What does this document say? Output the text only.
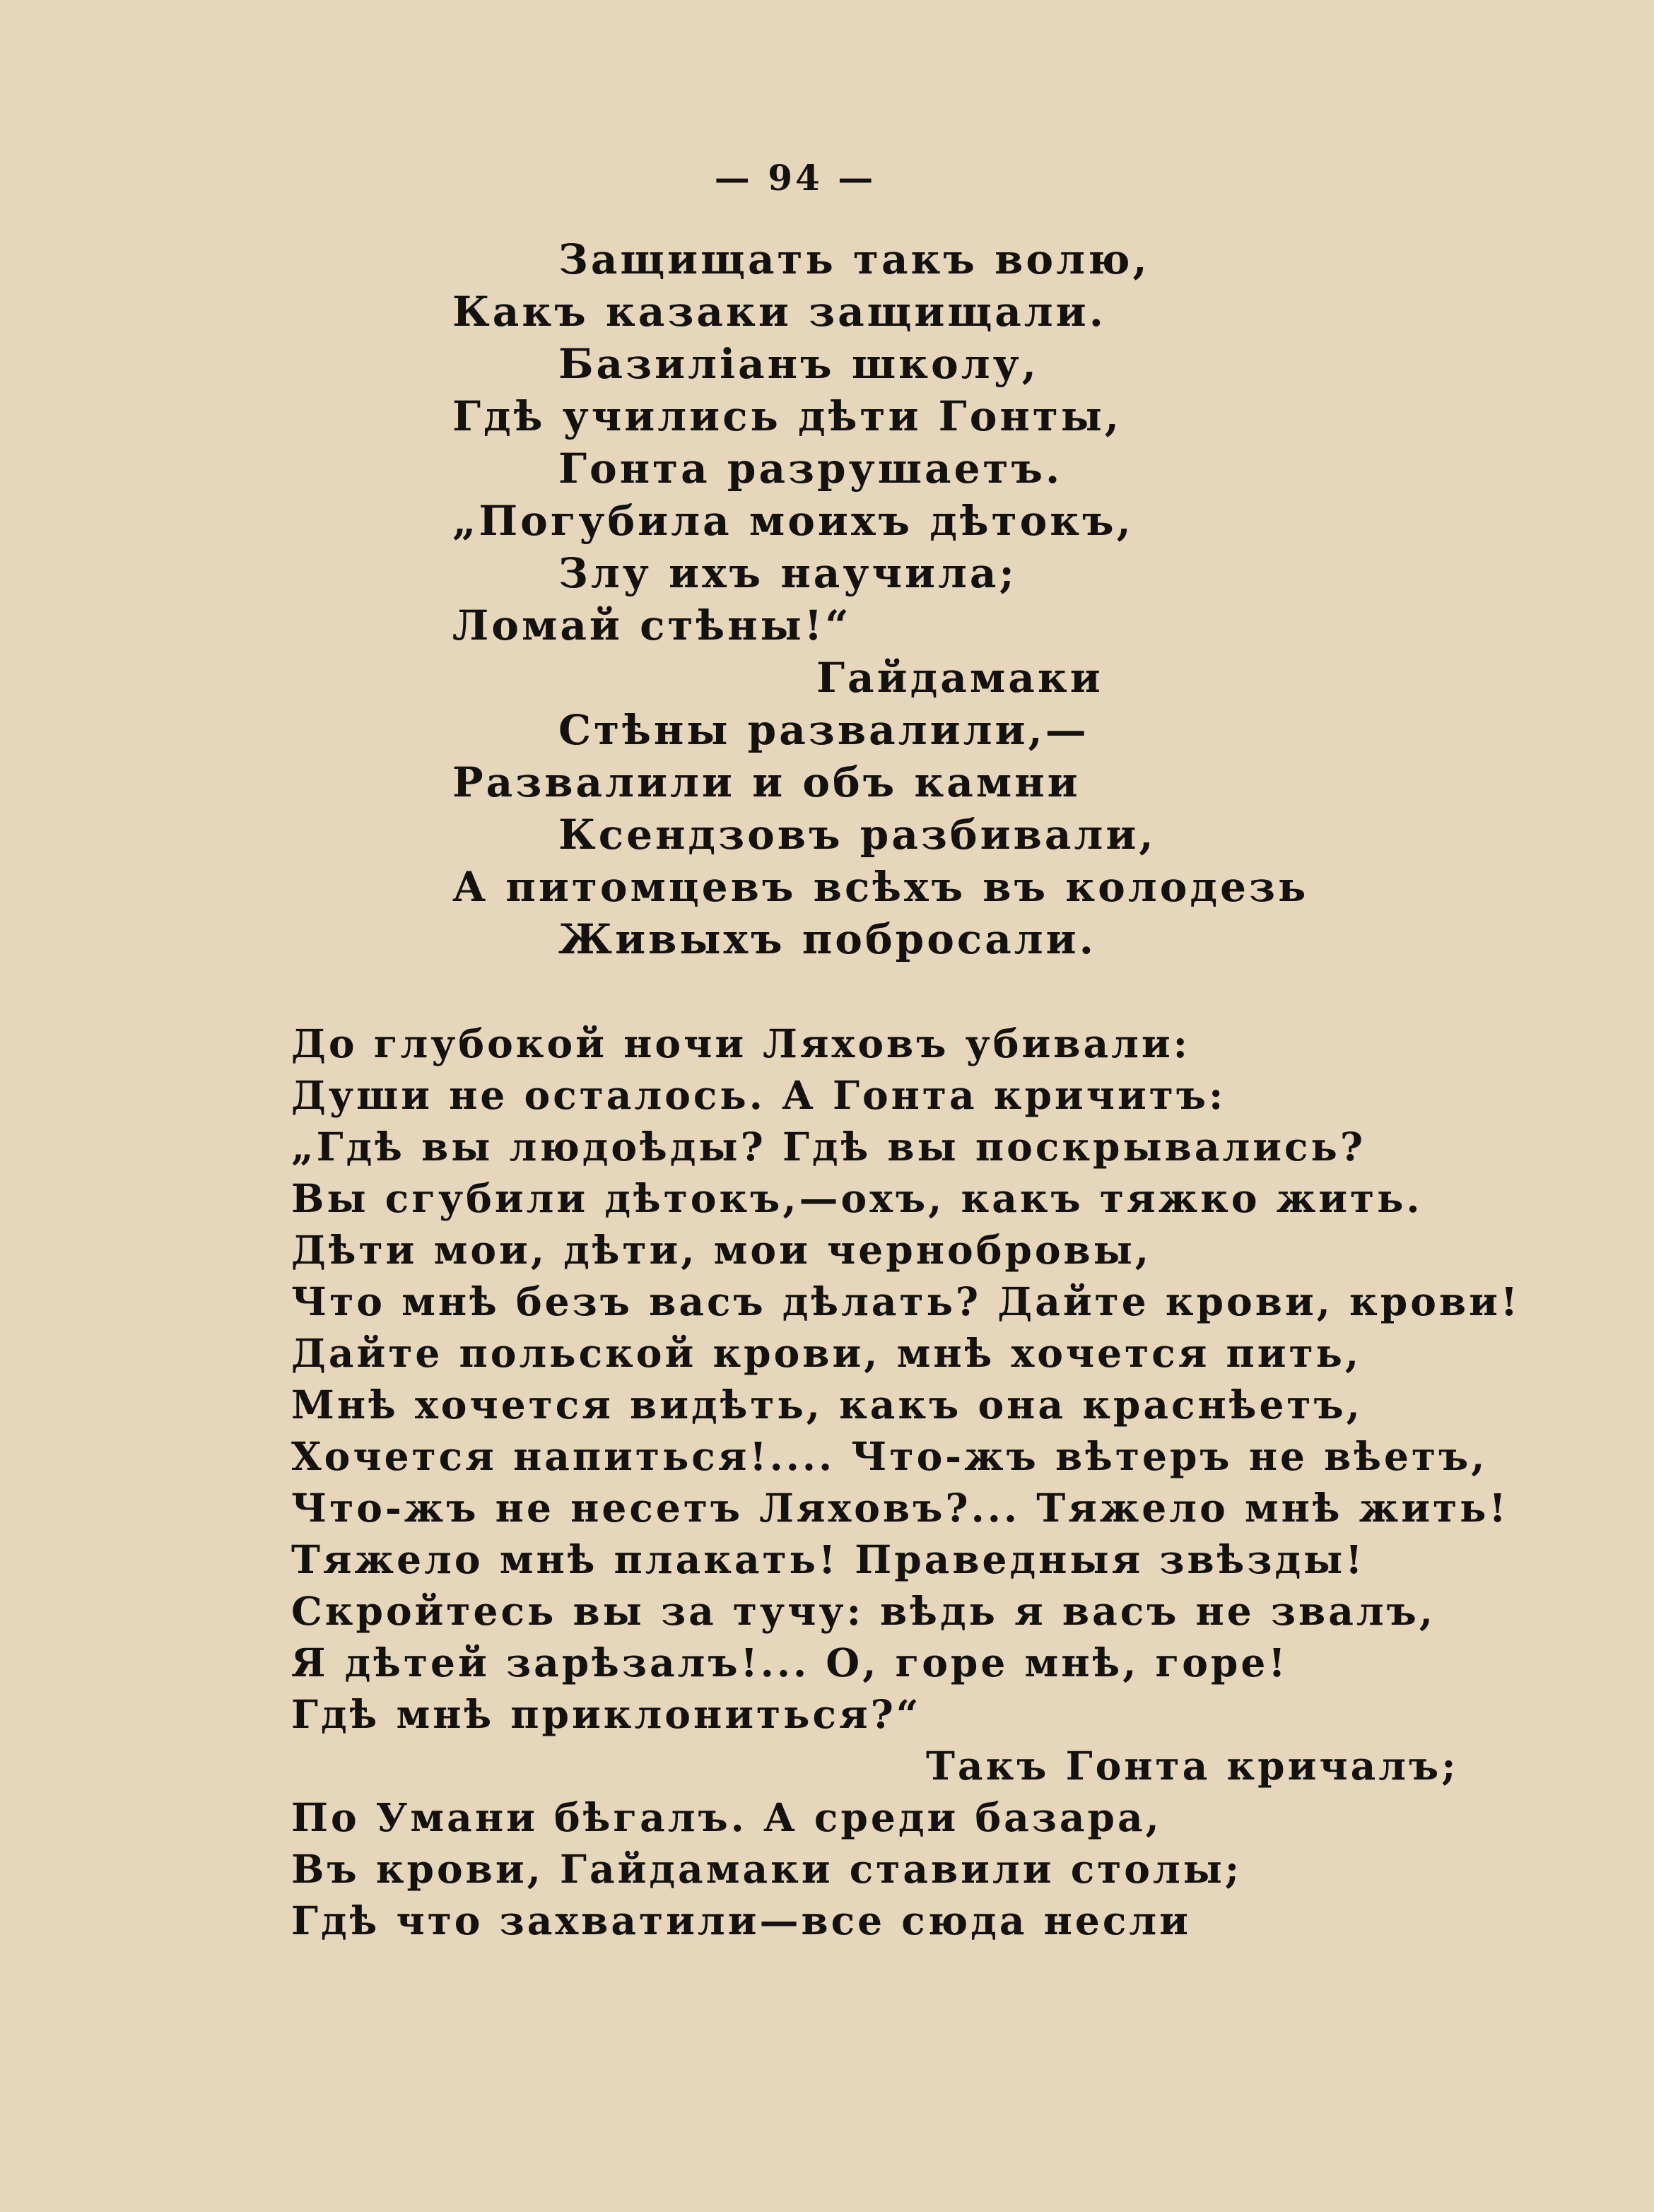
— 94 —
Защищать такъ волю,
Какъ казаки защищали.
Базиліанъ школу,
Гдѣ учились дѣти Гонты,
Гонта разрушаетъ.
„Погубила моихъ дѣтокъ,
Злу ихъ научила;
Ломай стѣны!“
Гайдамаки
Стѣны развалили,—
Развалили и объ камни
Ксендзовъ разбивали,
А питомцевъ всѣхъ въ колодезь
Живыхъ побросали.
До глубокой ночи Ляховъ убивали:
Души не осталось. А Гонта кричитъ:
„Гдѣ вы людоѣды? Гдѣ вы поскрывались?
Вы сгубили дѣтокъ,—охъ, какъ тяжко жить.
Дѣти мои, дѣти, мои чернобровы,
Что мнѣ безъ васъ дѣлать? Дайте крови, крови!
Дайте польской крови, мнѣ хочется пить,
Мнѣ хочется видѣть, какъ она краснѣетъ,
Хочется напиться!.... Что-жъ вѣтеръ не вѣетъ,
Что-жъ не несетъ Ляховъ?... Тяжело мнѣ жить!
Тяжело мнѣ плакать! Праведныя звѣзды!
Скройтесь вы за тучу: вѣдь я васъ не звалъ,
Я дѣтей зарѣзалъ!... О, горе мнѣ, горе!
Гдѣ мнѣ приклониться?“
Такъ Гонта кричалъ;
По Умани бѣгалъ. А среди базара,
Въ крови, Гайдамаки ставили столы;
Гдѣ что захватили—все сюда несли
